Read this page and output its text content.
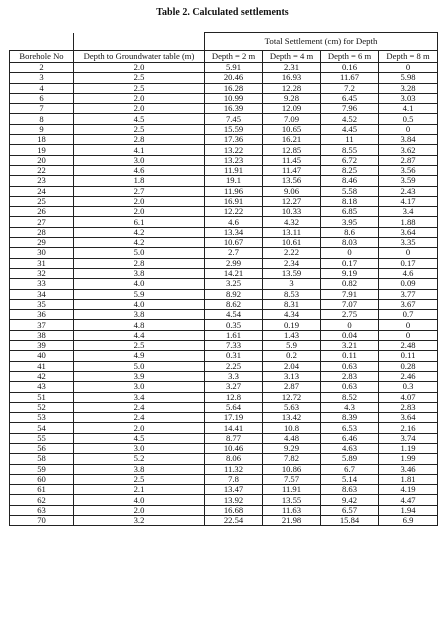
Table 2. Calculated settlements
		Total Settlement (cm) for Depth			
Borehole No	Depth to Groundwater table (m)	Depth = 2 m	Depth = 4 m	Depth = 6 m	Depth = 8 m
2	2.0	5.91	2.31	0.16	0
3	2.5	20.46	16.93	11.67	5.98
4	2.5	16.28	12.28	7.2	3.28
6	2.0	10.99	9.28	6.45	3.03
7	2.0	16.39	12.09	7.96	4.1
8	4.5	7.45	7.09	4.52	0.5
9	2.5	15.59	10.65	4.45	0
18	2.8	17.36	16.21	11	3.84
19	4.1	13.22	12.85	8.55	3.62
20	3.0	13.23	11.45	6.72	2.87
22	4.6	11.91	11.47	8.25	3.56
23	1.8	19.1	13.56	8.46	3.59
24	2.7	11.96	9.06	5.58	2.43
25	2.0	16.91	12.27	8.18	4.17
26	2.0	12.22	10.33	6.85	3.4
27	6.1	4.6	4.32	3.95	1.88
28	4.2	13.34	13.11	8.6	3.64
29	4.2	10.67	10.61	8.03	3.35
30	5.0	2.7	2.22	0	0
31	2.8	2.99	2.34	0.17	0.17
32	3.8	14.21	13.59	9.19	4.6
33	4.0	3.25	3	0.82	0.09
34	5.9	8.92	8.53	7.91	3.77
35	4.0	8.62	8.31	7.07	3.67
36	3.8	4.54	4.34	2.75	0.7
37	4.8	0.35	0.19	0	0
38	4.4	1.61	1.43	0.04	0
39	2.5	7.33	5.9	3.21	2.48
40	4.9	0.31	0.2	0.11	0.11
41	5.0	2.25	2.04	0.63	0.28
42	3.9	3.3	3.13	2.83	2.46
43	3.0	3.27	2.87	0.63	0.3
51	3.4	12.8	12.72	8.52	4.07
52	2.4	5.64	5.63	4.3	2.83
53	2.4	17.19	13.42	8.39	3.64
54	2.0	14.41	10.8	6.53	2.16
55	4.5	8.77	4.48	6.46	3.74
56	3.0	10.46	9.29	4.63	1.19
58	5.2	8.06	7.82	5.89	1.99
59	3.8	11.32	10.86	6.7	3.46
60	2.5	7.8	7.57	5.14	1.81
61	2.1	13.47	11.91	8.63	4.19
62	4.0	13.92	13.55	9.42	4.47
63	2.0	16.68	11.63	6.57	1.94
70	3.2	22.54	21.98	15.84	6.9
